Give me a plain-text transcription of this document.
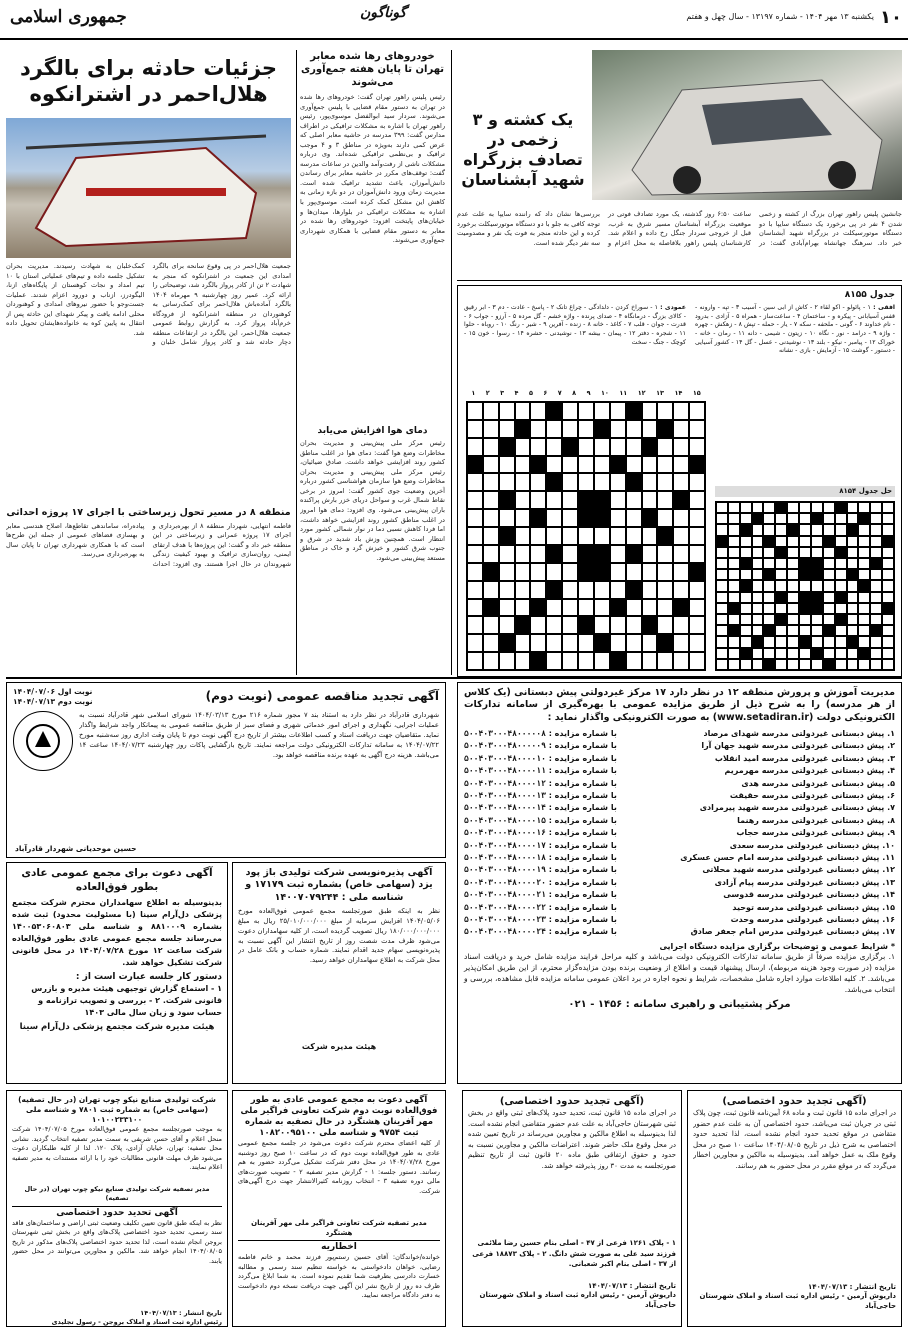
۱۰
یکشنبه ۱۳ مهر ۱۴۰۴ - شماره ۱۳۱۹۷ - سال چهل و هفتم
گوناگون
جمهوری اسلامی
یک کشته و ۳ زخمی در تصادف بزرگراه شهید آبشناسان
جانشین پلیس راهور تهران بزرگ از کشته و زخمی شدن ۴ نفر در پی برخورد یک دستگاه سایپا با دو دستگاه موتورسیکلت در بزرگراه شهید آبشناسان خبر داد. سرهنگ جهانشاه بهرام‌آبادی گفت: در ساعت ۶:۵۰ روز گذشته، یک مورد تصادف فوتی در موقعیت بزرگراه آبشناسان مسیر شرق به غرب، قبل از خروجی سردار جنگل رخ داده و اعلام شد. کارشناسان پلیس راهور بلافاصله به محل اعزام و بررسی‌ها نشان داد که راننده سایپا به علت عدم توجه کافی به جلو با دو دستگاه موتورسیکلت برخورد کرده و این حادثه منجر به فوت یک نفر و مصدومیت سه نفر دیگر شده است.
جدول ۸۱۵۵
افقی : ۱ - پائولو - اکو لقاء ۲ - کاش از ابی سین - آسیب ۳ - تپه - وارونه - قفس آسیابانی - پیکره و - ساختمان ۴ - ساعت‌ساز - همراه ۵ - آزادی - بدرود - نام خداوند ۶ - گونی - ملحفه - سکه ۷ - یار - حمله - تپش ۸ - زهکش - چهره - واژه ۹ - درامد - نور - نگاه ۱۰ - زیتون - شیمی - دانه ۱۱ - رمان - خانه - خوراک ۱۲ - پیامبر - نیکو - بلند ۱۳ - نوشیدنی - عسل - گل ۱۴ - کشور آسیایی - دستور - گوشت ۱۵ - آزمایش - بازی - نشانه
عمودی : ۱ - سوراخ کردن - دلدادگی - چراغ تانک ۲ - پاسخ - عادت - دم ۳ - ابر رقیق - کالای بزرگ - درمانگاه ۴ - صدای پرنده - واژه خشم - گل مرده ۵ - آرزو - جواب ۶ - قدرت - جوان - قلب ۷ - کاغذ - خانه ۸ - زنده - آفرین ۹ - شیر - رنگ ۱۰ - روباه - حلوا ۱۱ - شجره - دفتر ۱۲ - پیمان - بیشه ۱۳ - نوشیدنی - حشره ۱۴ - رسوا - خون ۱۵ - کوچک - جنگ - سخت
حل جدول ۸۱۵۴
۱ ۲ ۳ ۴ ۵ ۶ ۷ ۸ ۹ ۱۰ ۱۱ ۱۲ ۱۳ ۱۴ ۱۵
خودروهای رها شده معابر تهران تا پایان هفته جمع‌آوری می‌شوند
رئیس پلیس راهور تهران گفت: خودروهای رها شده در تهران به دستور مقام قضایی با پلیس جمع‌آوری می‌شوند. سردار سید ابوالفضل موسوی‌پور، رئیس راهور تهران با اشاره به مشکلات ترافیکی در اطراف مدارس گفت: ۳۹۹ مدرسه در حاشیه معابر اصلی که عرض کمی دارند به‌ویژه در مناطق ۳ و ۴ موجب ترافیک و بی‌نظمی ترافیکی شده‌اند. وی درباره مشکلات ناشی از رفت‌وآمد والدین در ساعات مدرسه گفت: توقف‌های مکرر در حاشیه معابر برای رساندن دانش‌آموزان، باعث تشدید ترافیک شده است. مدیریت زمان ورود دانش‌آموزان در دو بازه زمانی به کاهش این مشکل کمک کرده است. موسوی‌پور با اشاره به مشکلات ترافیکی در بلوارها، میدان‌ها و خیابان‌های پایتخت افزود: خودروهای رها شده در معابر به دستور مقام قضایی با همکاری شهرداری جمع‌آوری می‌شوند.
دمای هوا افزایش می‌یابد
رئیس مرکز ملی پیش‌بینی و مدیریت بحران مخاطرات وضع هوا گفت: دمای هوا در اغلب مناطق کشور روند افزایشی خواهد داشت. صادق ضیائیان، رئیس مرکز ملی پیش‌بینی و مدیریت بحران مخاطرات وضع هوا سازمان هواشناسی کشور درباره آخرین وضعیت جوی کشور گفت: امروز در برخی نقاط شمال غرب و سواحل دریای خزر بارش پراکنده باران پیش‌بینی می‌شود. وی افزود: دمای هوا امروز در اغلب مناطق کشور روند افزایشی خواهد داشت، اما فردا کاهش نسبی دما در نوار شمالی کشور مورد انتظار است. همچنین وزش باد شدید در شرق و جنوب شرق کشور و خیزش گرد و خاک در مناطق مستعد پیش‌بینی می‌شود.
جزئیات حادثه برای بالگرد هلال‌احمر در اشترانکوه
جمعیت هلال‌احمر در پی وقوع سانحه برای بالگرد امدادی این جمعیت در اشترانکوه که منجر به شهادت ۲ تن از کادر پرواز بالگرد شد، توضیحاتی را ارائه کرد. عمیر روز چهارشنبه ۹ مهرماه ۱۴۰۴ بالگرد آماده‌باش هلال‌احمر برای کمک‌رسانی به کوهنوردان در منطقه اشترانکوه از فرودگاه خرم‌آباد پرواز کرد. به گزارش روابط عمومی جمعیت هلال‌احمر، این بالگرد در ارتفاعات منطقه دچار حادثه شد و کادر پرواز شامل خلبان و کمک‌خلبان به شهادت رسیدند. مدیریت بحران تشکیل جلسه داده و تیم‌های عملیاتی استان با ۱۰ تیم امداد و نجات کوهستان از پایگاه‌های ازنا، الیگودرز، ازناب و دورود اعزام شدند. عملیات جست‌وجو با حضور نیروهای امدادی و کوهنوردان محلی ادامه یافت و پیکر شهدای این حادثه پس از انتقال به پایین کوه به خانواده‌هایشان تحویل داده شد.
منطقه ۸ در مسیر تحول زیرساختی با اجرای ۱۷ پروژه احداثی
فاطمه انتهایی، شهردار منطقه ۸ از بهره‌برداری و اجرای ۱۷ پروژه عمرانی و زیرساختی در این منطقه خبر داد و گفت: این پروژه‌ها با هدف ارتقای ایمنی، روان‌سازی ترافیک و بهبود کیفیت زندگی شهروندان در حال اجرا هستند. وی افزود: احداث پیاده‌راه، ساماندهی تقاطع‌ها، اصلاح هندسی معابر و بهسازی فضاهای عمومی از جمله این طرح‌ها است که با همکاری شهرداری تهران تا پایان سال به بهره‌برداری می‌رسد.
مدیریت آموزش و پرورش منطقه ۱۲ در نظر دارد ۱۷ مرکز غیردولتی پیش دبستانی (یک کلاس از هر مدرسه) را به شرح ذیل از طریق مزایده عمومی با بهره‌گیری از سامانه تدارکات الکترونیکی دولت (www.setadiran.ir) به صورت الکترونیکی واگذار نماید :
۱. پیش دبستانی غیردولتی مدرسه شهدای مرصاد
با شماره مزایده : ۵۰۰۴۰۳۰۰۰۴۸۰۰۰۰۰۸
۲. پیش دبستانی غیردولتی مدرسه شهید جهان آرا
با شماره مزایده : ۵۰۰۴۰۳۰۰۰۴۸۰۰۰۰۰۹
۳. پیش دبستانی غیردولتی مدرسه امید انقلاب
با شماره مزایده : ۵۰۰۴۰۳۰۰۰۴۸۰۰۰۰۱۰
۴. پیش دبستانی غیردولتی مدرسه مهرمریم
با شماره مزایده : ۵۰۰۴۰۳۰۰۰۴۸۰۰۰۰۱۱
۵. پیش دبستانی غیردولتی مدرسه هدی
با شماره مزایده : ۵۰۰۴۰۳۰۰۰۴۸۰۰۰۰۱۲
۶. پیش دبستانی غیردولتی مدرسه حقیقت
با شماره مزایده : ۵۰۰۴۰۳۰۰۰۴۸۰۰۰۰۱۳
۷. پیش دبستانی غیردولتی مدرسه شهید پیرمرادی
با شماره مزایده : ۵۰۰۴۰۳۰۰۰۴۸۰۰۰۰۱۴
۸. پیش دبستانی غیردولتی مدرسه رهنما
با شماره مزایده : ۵۰۰۴۰۳۰۰۰۴۸۰۰۰۰۱۵
۹. پیش دبستانی غیردولتی مدرسه حجاب
با شماره مزایده : ۵۰۰۴۰۳۰۰۰۴۸۰۰۰۰۱۶
۱۰. پیش دبستانی غیردولتی مدرسه سعدی
با شماره مزایده : ۵۰۰۴۰۳۰۰۰۴۸۰۰۰۰۱۷
۱۱. پیش دبستانی غیردولتی مدرسه امام حسن عسکری
با شماره مزایده : ۵۰۰۴۰۳۰۰۰۴۸۰۰۰۰۱۸
۱۲. پیش دبستانی غیردولتی مدرسه شهید محلاتی
با شماره مزایده : ۵۰۰۴۰۳۰۰۰۴۸۰۰۰۰۱۹
۱۳. پیش دبستانی غیردولتی مدرسه پیام آزادی
با شماره مزایده : ۵۰۰۴۰۳۰۰۰۴۸۰۰۰۰۲۰
۱۴. پیش دبستانی غیردولتی مدرسه قدوسی
با شماره مزایده : ۵۰۰۴۰۳۰۰۰۴۸۰۰۰۰۲۱
۱۵. پیش دبستانی غیردولتی مدرسه توحید
با شماره مزایده : ۵۰۰۴۰۳۰۰۰۴۸۰۰۰۰۲۲
۱۶. پیش دبستانی غیردولتی مدرسه وحدت
با شماره مزایده : ۵۰۰۴۰۳۰۰۰۴۸۰۰۰۰۲۳
۱۷. پیش دبستانی غیردولتی مدرس امام جعفر صادق
با شماره مزایده : ۵۰۰۴۰۳۰۰۰۴۸۰۰۰۰۲۴
* شرایط عمومی و توضیحات برگزاری مزایده دستگاه اجرایی
۱. برگزاری مزایده صرفاً از طریق سامانه تدارکات الکترونیکی دولت می‌باشد و کلیه مراحل فرایند مزایده شامل خرید و دریافت اسناد مزایده (در صورت وجود هزینه مربوطه)، ارسال پیشنهاد قیمت و اطلاع از وضعیت برنده بودن مزایده‌گزار محترم، از این طریق امکان‌پذیر می‌باشد. ۲. کلیه اطلاعات موارد اجاره شامل مشخصات، شرایط و نحوه اجاره در برد اعلان عمومی سامانه مزایده قابل مشاهده، بررسی و انتخاب می‌باشد.
مرکز پشتیبانی و راهبری سامانه : ۱۴۵۶ - ۰۲۱
آگهی تجدید مناقصه عمومی (نوبت دوم)
نوبت اول ۱۴۰۴/۰۷/۰۶
نوبت دوم ۱۴۰۴/۰۷/۱۳
شهرداری قادرآباد در نظر دارد به استناد بند ۷ مجوز شماره ۲۱۶ مورخ ۱۴۰۴/۰۳/۱۳ شورای اسلامی شهر قادرآباد نسبت به عملیات اجرایی، نگهداری و اجرای امور خدماتی شهری و فضای سبز از طریق مناقصه عمومی به پیمانکار واجد شرایط واگذار نماید. متقاضیان جهت دریافت اسناد و کسب اطلاعات بیشتر از تاریخ درج آگهی نوبت دوم تا پایان وقت اداری روز سه‌شنبه مورخ ۱۴۰۴/۰۷/۲۲ به سامانه تدارکات الکترونیکی دولت مراجعه نمایند. تاریخ بازگشایی پاکات روز چهارشنبه ۱۴۰۴/۰۷/۲۳ ساعت ۱۴ می‌باشد. هزینه درج آگهی به عهده برنده مناقصه خواهد بود.
حسین موحدیانی شهردار قادرآباد
آگهی پذیره‌نویسی شرکت تولیدی باژ پود یزد (سهامی خاص) بشماره ثبت ۱۷۱۷۹ و شناسه ملی : ۱۴۰۰۷۰۷۹۲۴۴
نظر به اینکه طبق صورتجلسه مجمع عمومی فوق‌العاده مورخ ۱۴۰۴/۰۵/۰۶ افزایش سرمایه از مبلغ ۲۵/۰۱۰/۰۰۰/۰۰۰ ریال به مبلغ ۱۸۰/۰۰۰/۰۰۰/۰۰۰ ریال تصویب گردیده است، از کلیه سهامداران دعوت می‌شود ظرف مدت شصت روز از تاریخ انتشار این آگهی نسبت به پذیره‌نویسی سهام جدید اقدام نمایند. شماره حساب و بانک عامل در محل شرکت به اطلاع سهامداران خواهد رسید.
هیئت مدیره شرکت
آگهی دعوت برای مجمع عمومی عادی بطور فوق‌العاده
بدینوسیله به اطلاع سهامداران محترم شرکت مجتمع پزشکی دل‌آرام سینا (با مسئولیت محدود) ثبت شده بشماره ۸۸۱۰۰۰۹ و شناسه ملی ۱۴۰۰۵۳۰۶۰۸۰۳ می‌رساند جلسه مجمع عمومی عادی بطور فوق‌العاده شرکت ساعت ۱۲ مورخ ۱۴۰۴/۰۷/۲۸ در محل قانونی شرکت تشکیل خواهد شد.
دستور کار جلسه عبارت است از :
۱ - استماع گزارش توجیهی هیئت مدیره و بازرس قانونی شرکت. ۲ - بررسی و تصویب ترازنامه و حساب سود و زیان سال مالی ۱۴۰۳
هیئت مدیره شرکت مجتمع پزشکی دل‌آرام سینا
(آگهی تجدید حدود اختصاصی)
در اجرای ماده ۱۵ قانون ثبت و ماده ۶۸ آیین‌نامه قانون ثبت، چون پلاک ثبتی در جریان ثبت می‌باشد، حدود اختصاصی آن به علت عدم حضور متقاضی در موقع تحدید حدود انجام نشده است، لذا تحدید حدود اختصاصی به شرح ذیل در تاریخ ۱۴۰۴/۰۸/۰۵ ساعت ۱۰ صبح در محل وقوع ملک به عمل خواهد آمد. بدینوسیله به مالکین و مجاورین اخطار می‌گردد که در موقع مقرر در محل حضور به هم رسانند.
تاریخ انتشار : ۱۴۰۴/۰۷/۱۳
داریوش آرمین - رئیس اداره ثبت اسناد و املاک شهرستان حاجی‌آباد
(آگهی تجدید حدود اختصاصی)
در اجرای ماده ۱۵ قانون ثبت، تحدید حدود پلاک‌های ثبتی واقع در بخش ثبتی شهرستان حاجی‌آباد به علت عدم حضور متقاضی انجام نشده است. لذا بدینوسیله به اطلاع مالکین و مجاورین می‌رساند در تاریخ تعیین شده در محل وقوع ملک حاضر شوند. اعتراضات مالکین و مجاورین نسبت به حدود و حقوق ارتفاقی طبق ماده ۲۰ قانون ثبت از تاریخ تنظیم صورتجلسه به مدت ۳۰ روز پذیرفته خواهد شد.
۱ - پلاک ۱۲۶۱ فرعی از ۴۷ - اصلی بنام حسین رضا ملائمی فرزند سید علی به صورت شش دانگ. ۲ - پلاک ۱۸۸۷۳ فرعی از ۳۷ - اصلی بنام اکبر شعبانی.
تاریخ انتشار : ۱۴۰۴/۰۷/۱۳
داریوش آرمین - رئیس اداره ثبت اسناد و املاک شهرستان حاجی‌آباد
آگهی دعوت به مجمع عمومی عادی به طور فوق‌العاده نوبت دوم شرکت تعاونی فراگیر ملی مهر آفرینان هشتگرد در حال تصفیه به شماره ثبت ۹۷۵۴ و شناسه ملی ۱۰۸۲۰۰۹۵۱۰۰
از کلیه اعضای محترم شرکت دعوت می‌شود در جلسه مجمع عمومی عادی به طور فوق‌العاده نوبت دوم که در ساعت ۱۰ صبح روز دوشنبه مورخ ۱۴۰۴/۰۷/۲۸ در محل دفتر شرکت تشکیل می‌گردد حضور به هم رسانند. دستور جلسه: ۱ - گزارش مدیر تصفیه ۲ - تصویب صورت‌های مالی دوره تصفیه ۳ - انتخاب روزنامه کثیرالانتشار جهت درج آگهی‌های شرکت.
مدیر تصفیه شرکت تعاونی فراگیر ملی مهر آفرینان هشتگرد
اخطاریه
خوانده/خواندگان: آقای حسین رستم‌پور فرزند محمد و خانم فاطمه رضایی، خواهان دادخواستی به خواسته تنظیم سند رسمی و مطالبه خسارت دادرسی بطرفیت شما تقدیم نموده است. به شما ابلاغ می‌گردد ظرف ده روز از تاریخ نشر این آگهی جهت دریافت نسخه دوم دادخواست به دفتر دادگاه مراجعه نمایید.
شرکت تولیدی صنایع نیکو چوب تهران (در حال تصفیه) (سهامی خاص) به شماره ثبت ۷۸۰۱ و شناسه ملی ۱۰۱۰۰۲۳۳۱۰۰
به موجب صورتجلسه مجمع عمومی فوق‌العاده مورخ ۱۴۰۴/۰۷/۰۵ شرکت منحل اعلام و آقای حسن شریفی به سمت مدیر تصفیه انتخاب گردید. نشانی محل تصفیه: تهران، خیابان آزادی، پلاک ۱۲۰. لذا از کلیه طلبکاران دعوت می‌شود ظرف مهلت قانونی مطالبات خود را با ارائه مستندات به مدیر تصفیه اعلام نمایند.
مدیر تصفیه شرکت تولیدی صنایع نیکو چوب تهران (در حال تصفیه)
آگهی تحدید حدود اختصاصی
نظر به اینکه طبق قانون تعیین تکلیف وضعیت ثبتی اراضی و ساختمان‌های فاقد سند رسمی، تحدید حدود اختصاصی پلاک‌های واقع در بخش ثبتی شهرستان بروجن انجام نشده است، لذا تحدید حدود اختصاصی پلاک‌های مذکور در تاریخ ۱۴۰۴/۰۸/۰۵ انجام خواهد شد. مالکین و مجاورین می‌توانند در محل حضور یابند.
تاریخ انتشار : ۱۴۰۴/۰۷/۱۳
رئیس اداره ثبت اسناد و املاک بروجن - رسول تجلیدی
